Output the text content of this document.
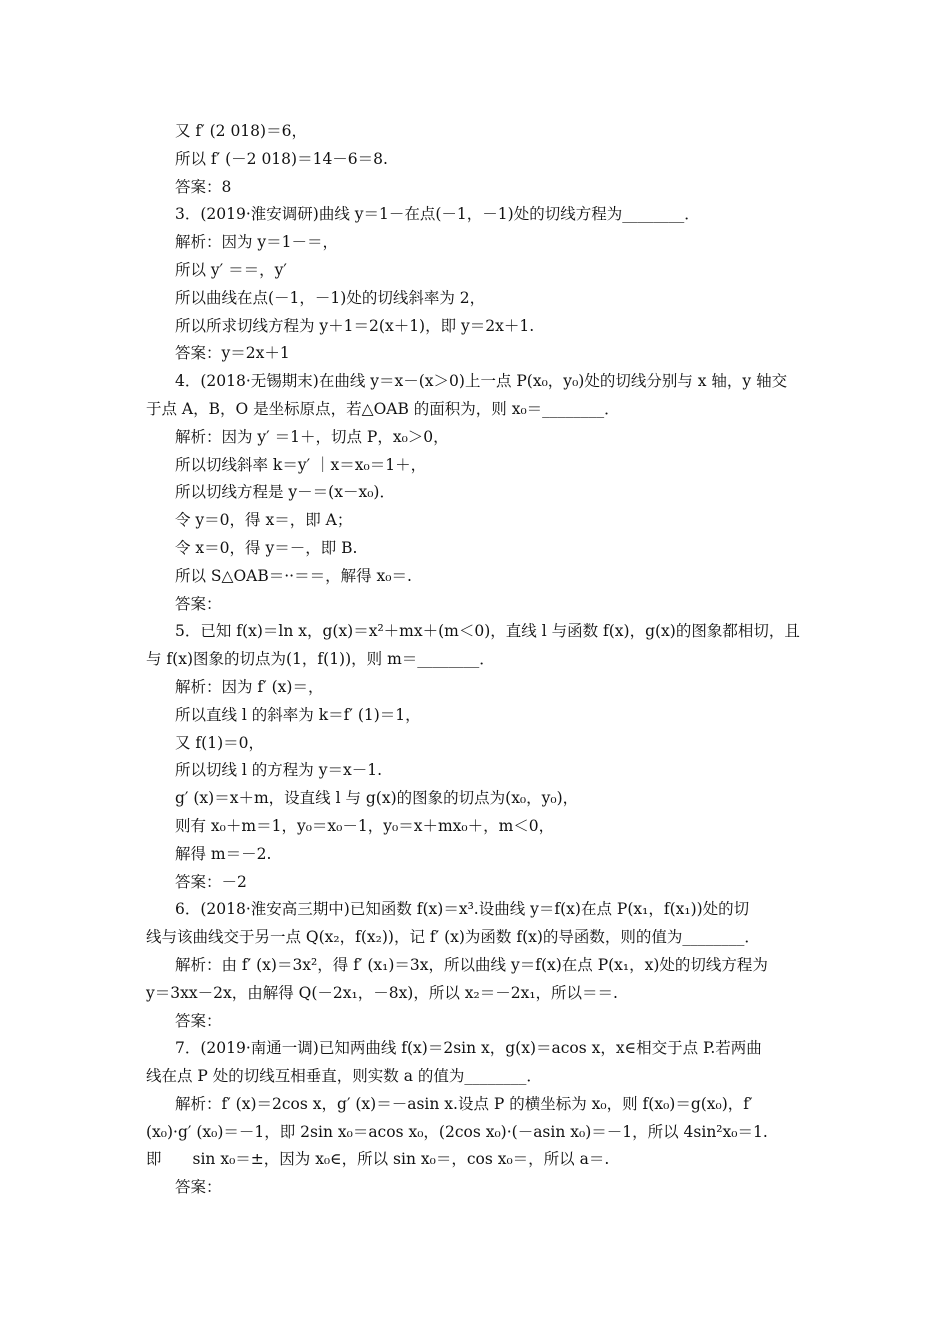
又 f′ (2 018)＝6，
所以 f′ (－2 018)＝14－6＝8.
答案：8
3．(2019·淮安调研)曲线 y＝1－在点(－1，－1)处的切线方程为________．
解析：因为 y＝1－＝，
所以 y′ ＝＝，y′
所以曲线在点(－1，－1)处的切线斜率为 2，
所以所求切线方程为 y＋1＝2(x＋1)，即 y＝2x＋1.
答案：y＝2x＋1
4．(2018·无锡期末)在曲线 y＝x－(x＞0)上一点 P(x₀，y₀)处的切线分别与 x 轴，y 轴交
于点 A，B，O 是坐标原点，若△OAB 的面积为，则 x₀＝________．
解析：因为 y′ ＝1＋，切点 P，x₀＞0，
所以切线斜率 k＝y′ ｜x＝x₀＝1＋，
所以切线方程是 y－＝(x－x₀)．
令 y＝0，得 x＝，即 A；
令 x＝0，得 y＝－，即 B.
所以 S△OAB＝··＝＝，解得 x₀＝.
答案：
5．已知 f(x)＝ln x，g(x)＝x²＋mx＋(m＜0)，直线 l 与函数 f(x)，g(x)的图象都相切，且
与 f(x)图象的切点为(1，f(1))，则 m＝________．
解析：因为 f′ (x)＝，
所以直线 l 的斜率为 k＝f′ (1)＝1，
又 f(1)＝0，
所以切线 l 的方程为 y＝x－1.
g′ (x)＝x＋m，设直线 l 与 g(x)的图象的切点为(x₀，y₀)，
则有 x₀＋m＝1，y₀＝x₀－1，y₀＝x＋mx₀＋，m＜0，
解得 m＝－2.
答案：－2
6．(2018·淮安高三期中)已知函数 f(x)＝x³.设曲线 y＝f(x)在点 P(x₁，f(x₁))处的切
线与该曲线交于另一点 Q(x₂，f(x₂))，记 f′ (x)为函数 f(x)的导函数，则的值为________．
解析：由 f′ (x)＝3x²，得 f′ (x₁)＝3x，所以曲线 y＝f(x)在点 P(x₁，x)处的切线方程为
y＝3xx－2x，由解得 Q(－2x₁，－8x)，所以 x₂＝－2x₁，所以＝＝.
答案：
7．(2019·南通一调)已知两曲线 f(x)＝2sin x，g(x)＝acos x，x∈相交于点 P.若两曲
线在点 P 处的切线互相垂直，则实数 a 的值为________．
解析：f′ (x)＝2cos x，g′ (x)＝－asin x.设点 P 的横坐标为 x₀，则 f(x₀)＝g(x₀)，f′
(x₀)·g′ (x₀)＝－1，即 2sin x₀＝acos x₀，(2cos x₀)·(－asin x₀)＝－1，所以 4sin²x₀＝1.
即　　sin x₀＝±，因为 x₀∈，所以 sin x₀＝，cos x₀＝，所以 a＝.
答案：
